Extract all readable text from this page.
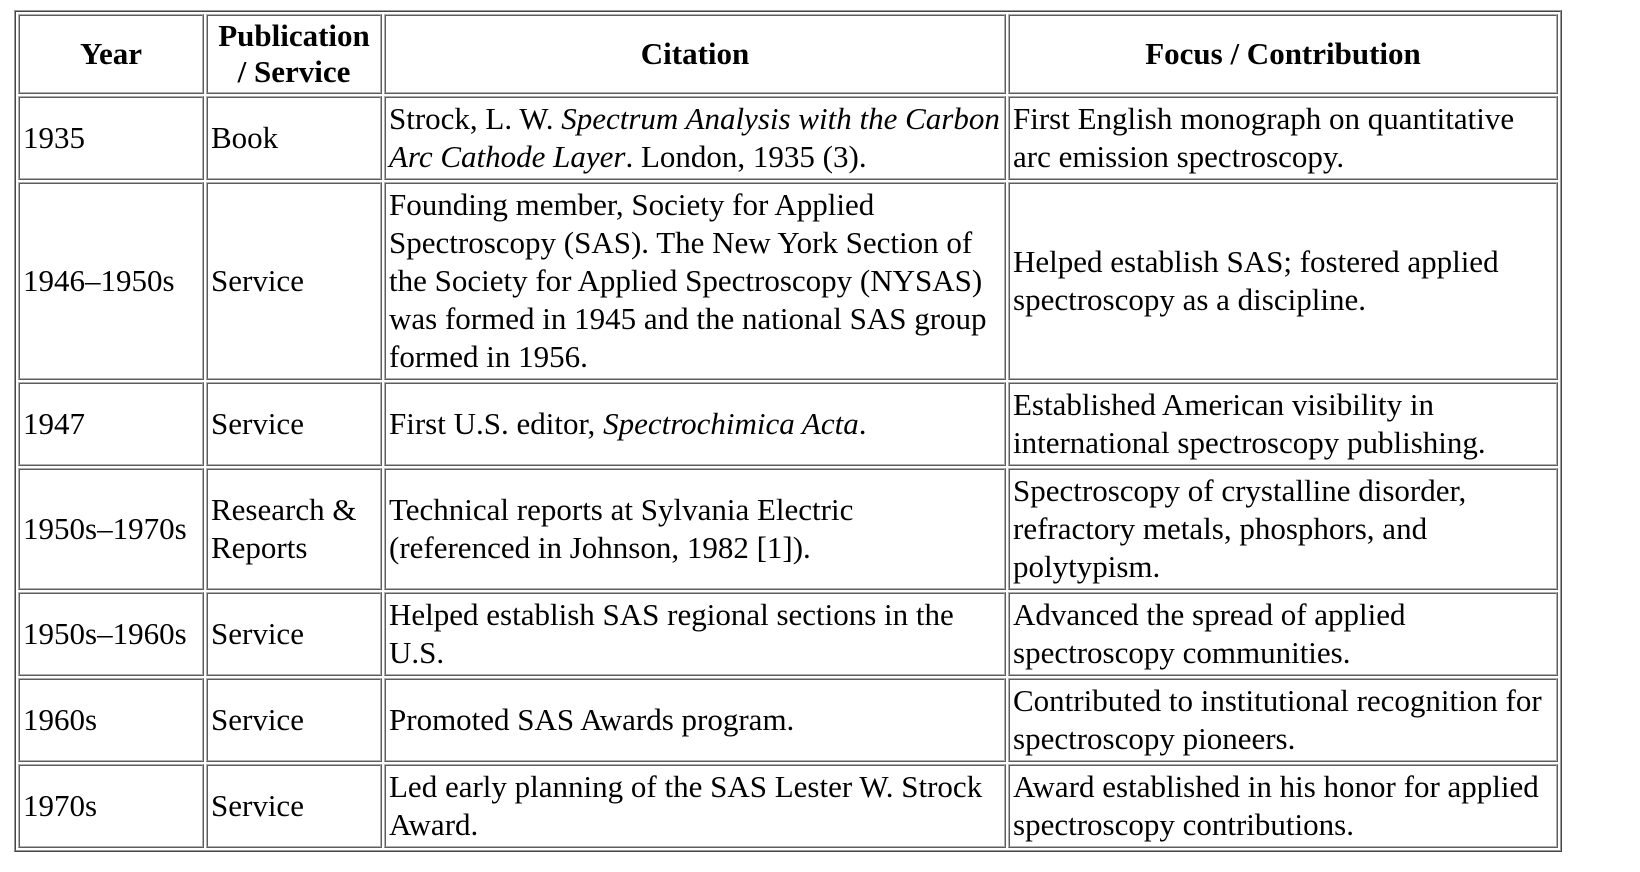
Year	Publication / Service	Citation	Focus / Contribution
1935	Book	Strock, L. W. Spectrum Analysis with the Carbon Arc Cathode Layer. London, 1935 (3).	First English monograph on quantitative arc emission spectroscopy.
1946–1950s	Service	Founding member, Society for Applied Spectroscopy (SAS). The New York Section of the Society for Applied Spectroscopy (NYSAS) was formed in 1945 and the national SAS group formed in 1956.	Helped establish SAS; fostered applied spectroscopy as a discipline.
1947	Service	First U.S. editor, Spectrochimica Acta.	Established American visibility in international spectroscopy publishing.
1950s–1970s	Research & Reports	Technical reports at Sylvania Electric (referenced in Johnson, 1982 [1]).	Spectroscopy of crystalline disorder, refractory metals, phosphors, and polytypism.
1950s–1960s	Service	Helped establish SAS regional sections in the U.S.	Advanced the spread of applied spectroscopy communities.
1960s	Service	Promoted SAS Awards program.	Contributed to institutional recognition for spectroscopy pioneers.
1970s	Service	Led early planning of the SAS Lester W. Strock Award.	Award established in his honor for applied spectroscopy contributions.
